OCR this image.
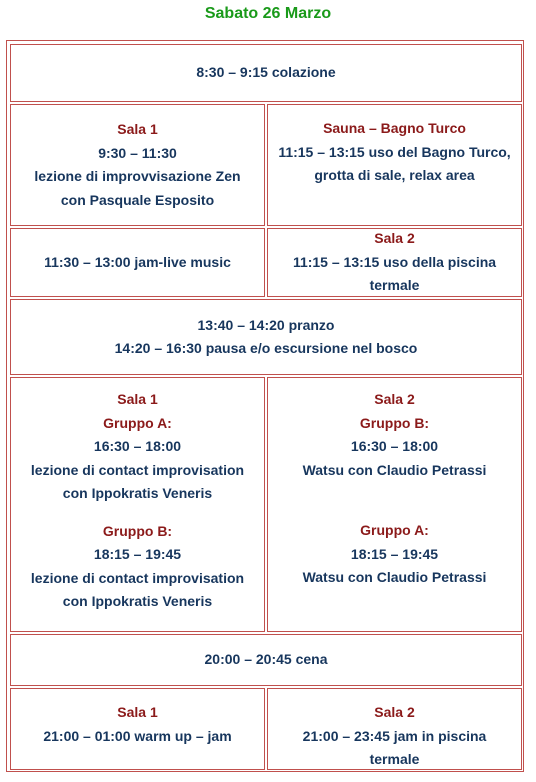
Sabato 26 Marzo
8:30 – 9:15 colazione
Sala 1
9:30 – 11:30
lezione di improvvisazione Zen
con Pasquale Esposito
Sauna – Bagno Turco
11:15 – 13:15 uso del Bagno Turco,
grotta di sale, relax area
11:30 – 13:00 jam-live music
Sala 2
11:15 – 13:15 uso della piscina
termale
13:40 – 14:20 pranzo
14:20 – 16:30 pausa e/o escursione nel bosco
Sala 1
Gruppo A:
16:30 – 18:00
lezione di contact improvisation
con Ippokratis Veneris
Gruppo B:
18:15 – 19:45
lezione di contact improvisation
con Ippokratis Veneris
Sala 2
Gruppo B:
16:30 – 18:00
Watsu con Claudio Petrassi
Gruppo A:
18:15 – 19:45
Watsu con Claudio Petrassi
20:00 – 20:45 cena
Sala 1
21:00 – 01:00 warm up – jam
Sala 2
21:00 – 23:45 jam in piscina
termale
